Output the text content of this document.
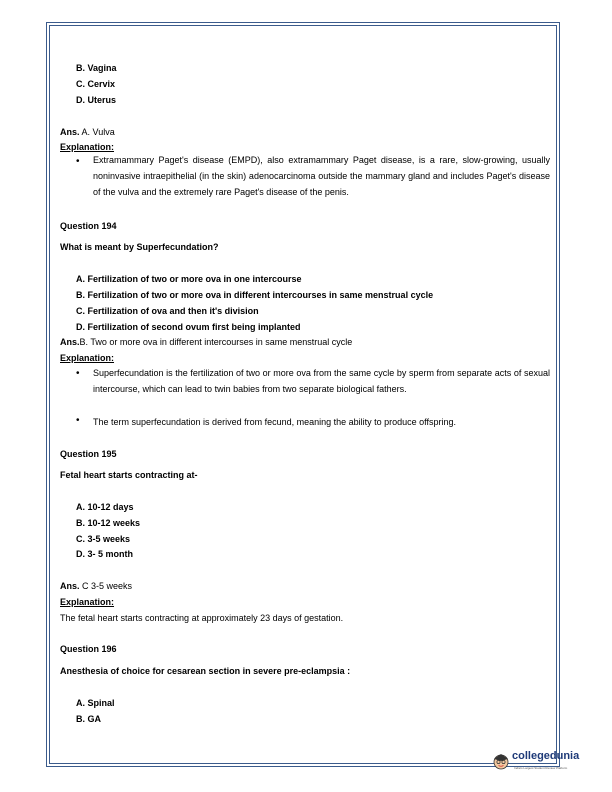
B. Vagina
C. Cervix
D. Uterus
Ans. A. Vulva
Explanation:
• Extramammary Paget's disease (EMPD), also extramammary Paget disease, is a rare, slow-growing, usually noninvasive intraepithelial (in the skin) adenocarcinoma outside the mammary gland and includes Paget's disease of the vulva and the extremely rare Paget's disease of the penis.
Question 194
What is meant by Superfecundation?
A. Fertilization of two or more ova in one intercourse
B. Fertilization of two or more ova in different intercourses in same menstrual cycle
C. Fertilization of ova and then it's division
D. Fertilization of second ovum first being implanted
Ans.B. Two or more ova in different intercourses in same menstrual cycle
Explanation:
• Superfecundation is the fertilization of two or more ova from the same cycle by sperm from separate acts of sexual intercourse, which can lead to twin babies from two separate biological fathers.
• The term superfecundation is derived from fecund, meaning the ability to produce offspring.
Question 195
Fetal heart starts contracting at-
A. 10-12 days
B. 10-12 weeks
C. 3-5 weeks
D. 3- 5 month
Ans. C 3-5 weeks
Explanation:
The fetal heart starts contracting at approximately 23 days of gestation.
Question 196
Anesthesia of choice for cesarean section in severe pre-eclampsia :
A. Spinal
B. GA
collegedunia
India's Largest Student Review Platform
